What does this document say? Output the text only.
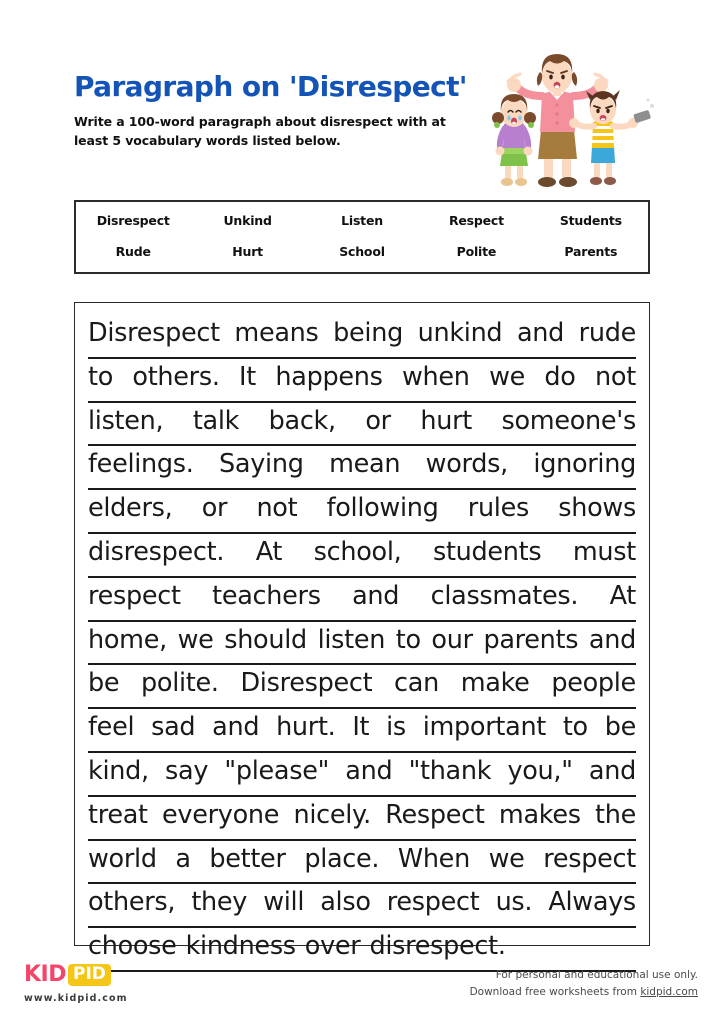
Paragraph on 'Disrespect'

Write a 100-word paragraph about disrespect with at least 5 vocabulary words listed below.

Disrespect	Unkind	Listen	Respect	Students
Rude	Hurt	School	Polite	Parents
Disrespect means being unkind and rude
to others. It happens when we do not
listen, talk back, or hurt someone's
feelings. Saying mean words, ignoring
elders, or not following rules shows
disrespect. At school, students must
respect teachers and classmates. At
home, we should listen to our parents and
be polite. Disrespect can make people
feel sad and hurt. It is important to be
kind, say "please" and "thank you," and
treat everyone nicely. Respect makes the
world a better place. When we respect
others, they will also respect us. Always
choose kindness over disrespect.
KID PID
www.kidpid.com
For personal and educational use only.
Download free worksheets from kidpid.com
